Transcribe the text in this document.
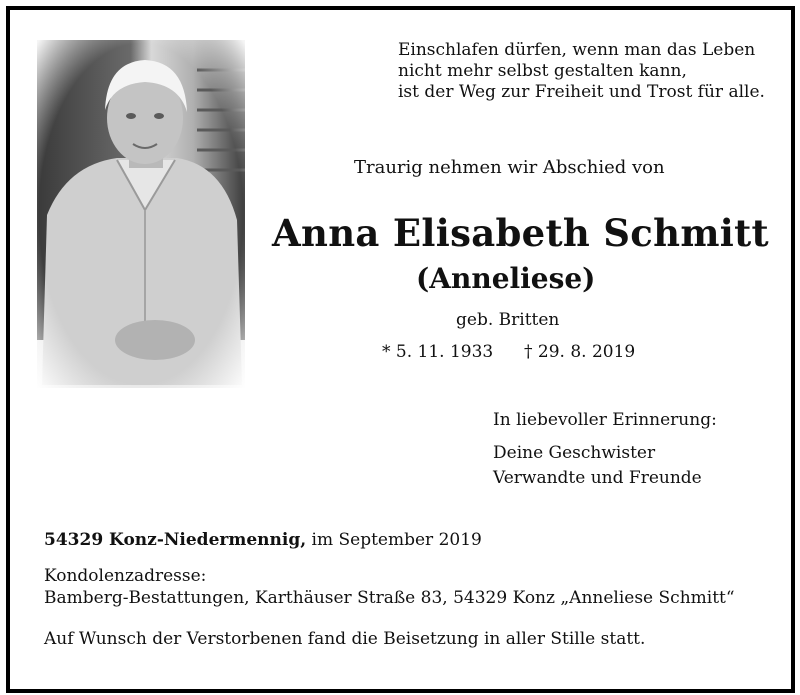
Einschlafen dürfen, wenn man das Leben
nicht mehr selbst gestalten kann,
ist der Weg zur Freiheit und Trost für alle.
Traurig nehmen wir Abschied von
Anna Elisabeth Schmitt
(Anneliese)
geb. Britten
* 5. 11. 1933 † 29. 8. 2019
In liebevoller Erinnerung:
Deine Geschwister
Verwandte und Freunde
54329 Konz-Niedermennig, im September 2019
Kondolenzadresse:
Bamberg-Bestattungen, Karthäuser Straße 83, 54329 Konz „Anneliese Schmitt“
Auf Wunsch der Verstorbenen fand die Beisetzung in aller Stille statt.
